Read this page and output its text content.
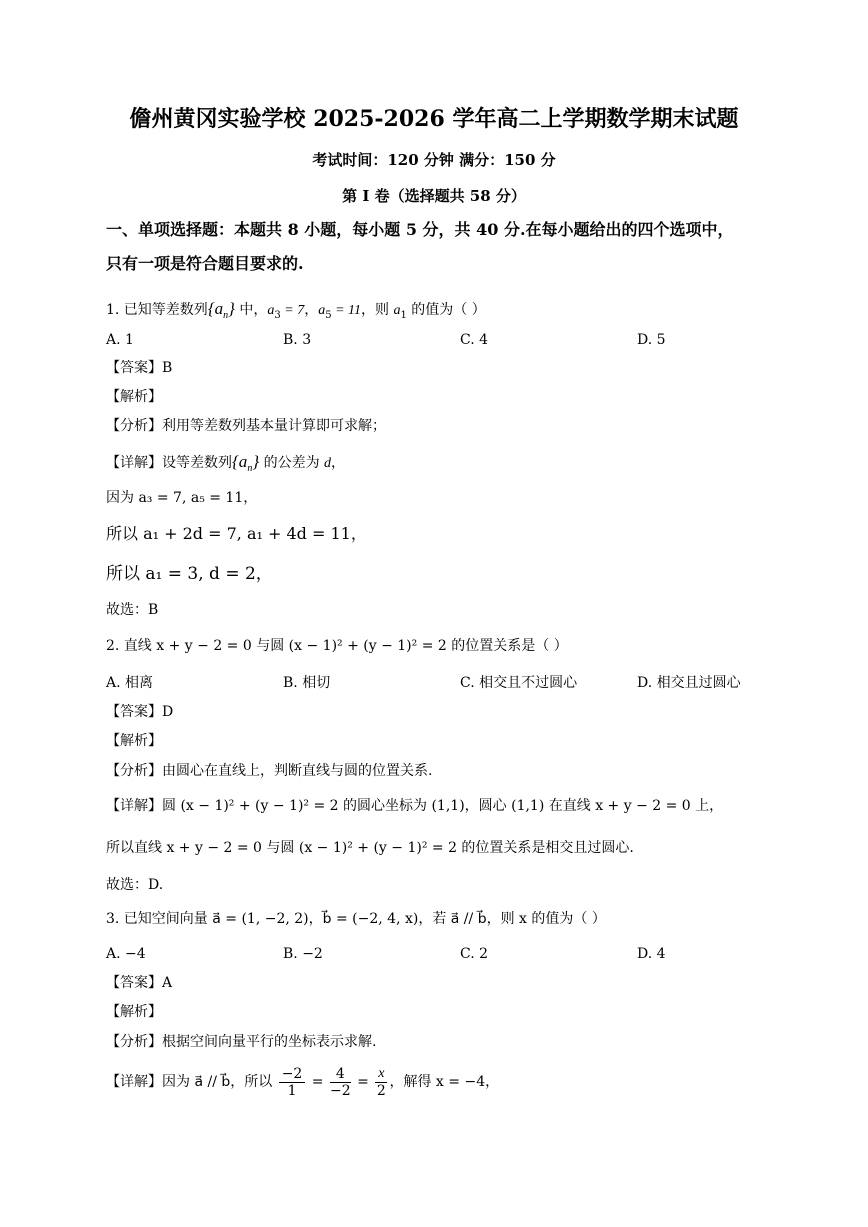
儋州黄冈实验学校 2025-2026 学年高二上学期数学期末试题
考试时间：120 分钟 满分：150 分
第 I 卷（选择题共 58 分）
一、单项选择题：本题共 8 小题，每小题 5 分，共 40 分.在每小题给出的四个选项中，
只有一项是符合题目要求的.
1. 已知等差数列$\{a_n\}$ 中，$a_3 = 7$，$a_5 = 11$，则 $a_1$ 的值为（ ）
A. 1	B. 3	C. 4	D. 5
【答案】B
【解析】
【分析】利用等差数列基本量计算即可求解；
【详解】设等差数列$\{a_n\}$ 的公差为 d，
因为 a₃ = 7, a₅ = 11，
所以 a₁ + 2d = 7, a₁ + 4d = 11，
所以 a₁ = 3, d = 2，
故选：B
2. 直线 x + y − 2 = 0 与圆 (x − 1)² + (y − 1)² = 2 的位置关系是（ ）
A. 相离	B. 相切	C. 相交且不过圆心	D. 相交且过圆心
【答案】D
【解析】
【分析】由圆心在直线上，判断直线与圆的位置关系.
【详解】圆 (x − 1)² + (y − 1)² = 2 的圆心坐标为 (1,1)，圆心 (1,1) 在直线 x + y − 2 = 0 上，
所以直线 x + y − 2 = 0 与圆 (x − 1)² + (y − 1)² = 2 的位置关系是相交且过圆心.
故选：D.
3. 已知空间向量 a⃗ = (1, −2, 2)，b⃗ = (−2, 4, x)，若 a⃗ // b⃗，则 x 的值为（ ）
A. −4	B. −2	C. 2	D. 4
【答案】A
【解析】
【分析】根据空间向量平行的坐标表示求解.
【详解】因为 a⃗ // b⃗，所以 $\frac{-2}{1} = \frac{4}{-2} = \frac{x}{2}$ ，解得 x = −4，
